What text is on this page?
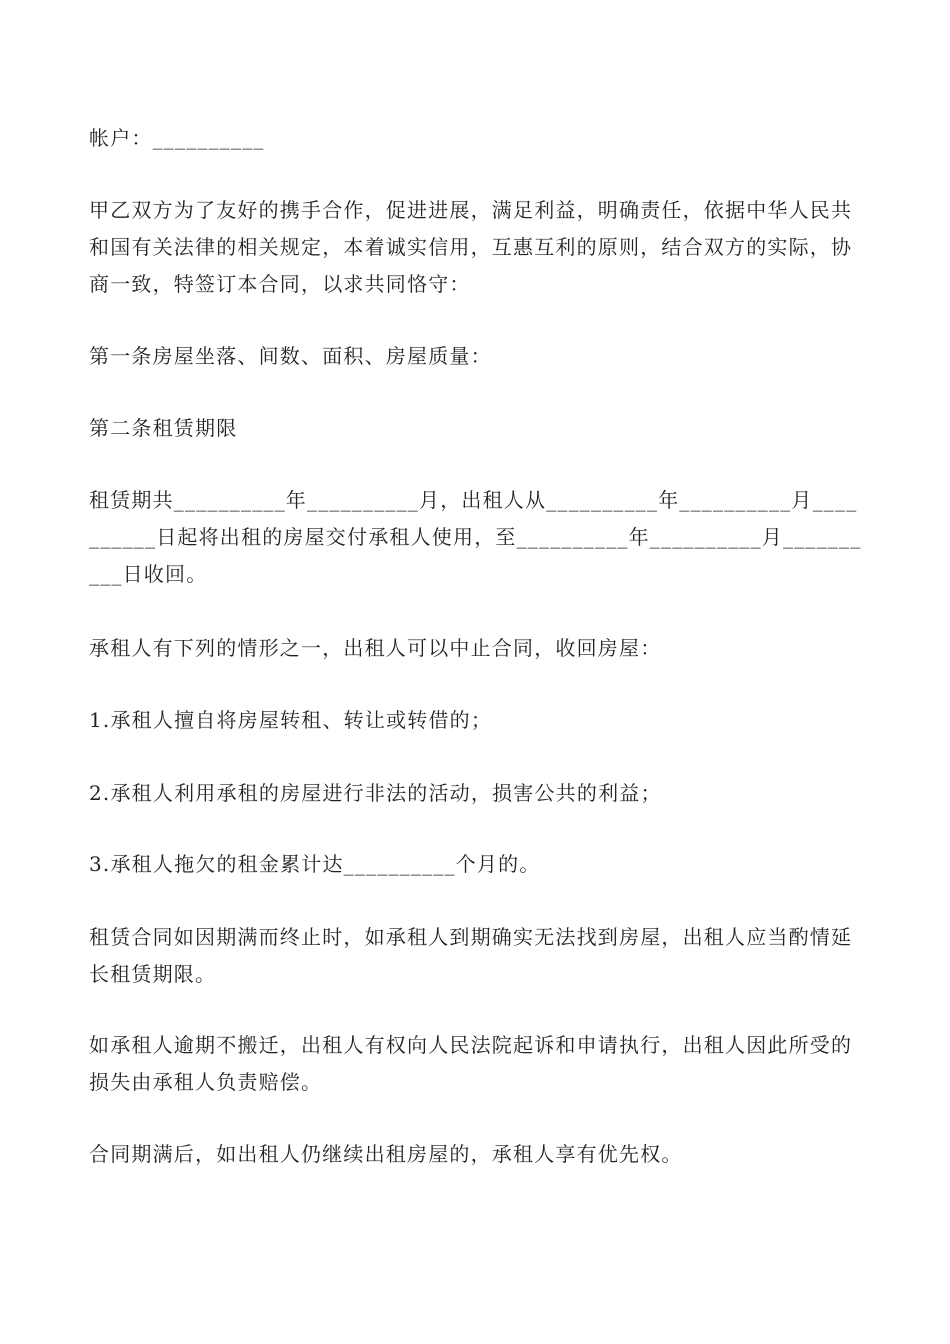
帐户：__________

甲乙双方为了友好的携手合作，促进进展，满足利益，明确责任，依据中华人民共和国有关法律的相关规定，本着诚实信用，互惠互利的原则，结合双方的实际，协商一致，特签订本合同，以求共同恪守：

第一条房屋坐落、间数、面积、房屋质量：

第二条租赁期限

租赁期共__________年__________月，出租人从__________年__________月__________日起将出租的房屋交付承租人使用，至__________年__________月__________日收回。

承租人有下列的情形之一，出租人可以中止合同，收回房屋：

1.承租人擅自将房屋转租、转让或转借的；

2.承租人利用承租的房屋进行非法的活动，损害公共的利益；

3.承租人拖欠的租金累计达__________个月的。

租赁合同如因期满而终止时，如承租人到期确实无法找到房屋，出租人应当酌情延长租赁期限。

如承租人逾期不搬迁，出租人有权向人民法院起诉和申请执行，出租人因此所受的损失由承租人负责赔偿。

合同期满后，如出租人仍继续出租房屋的，承租人享有优先权。
